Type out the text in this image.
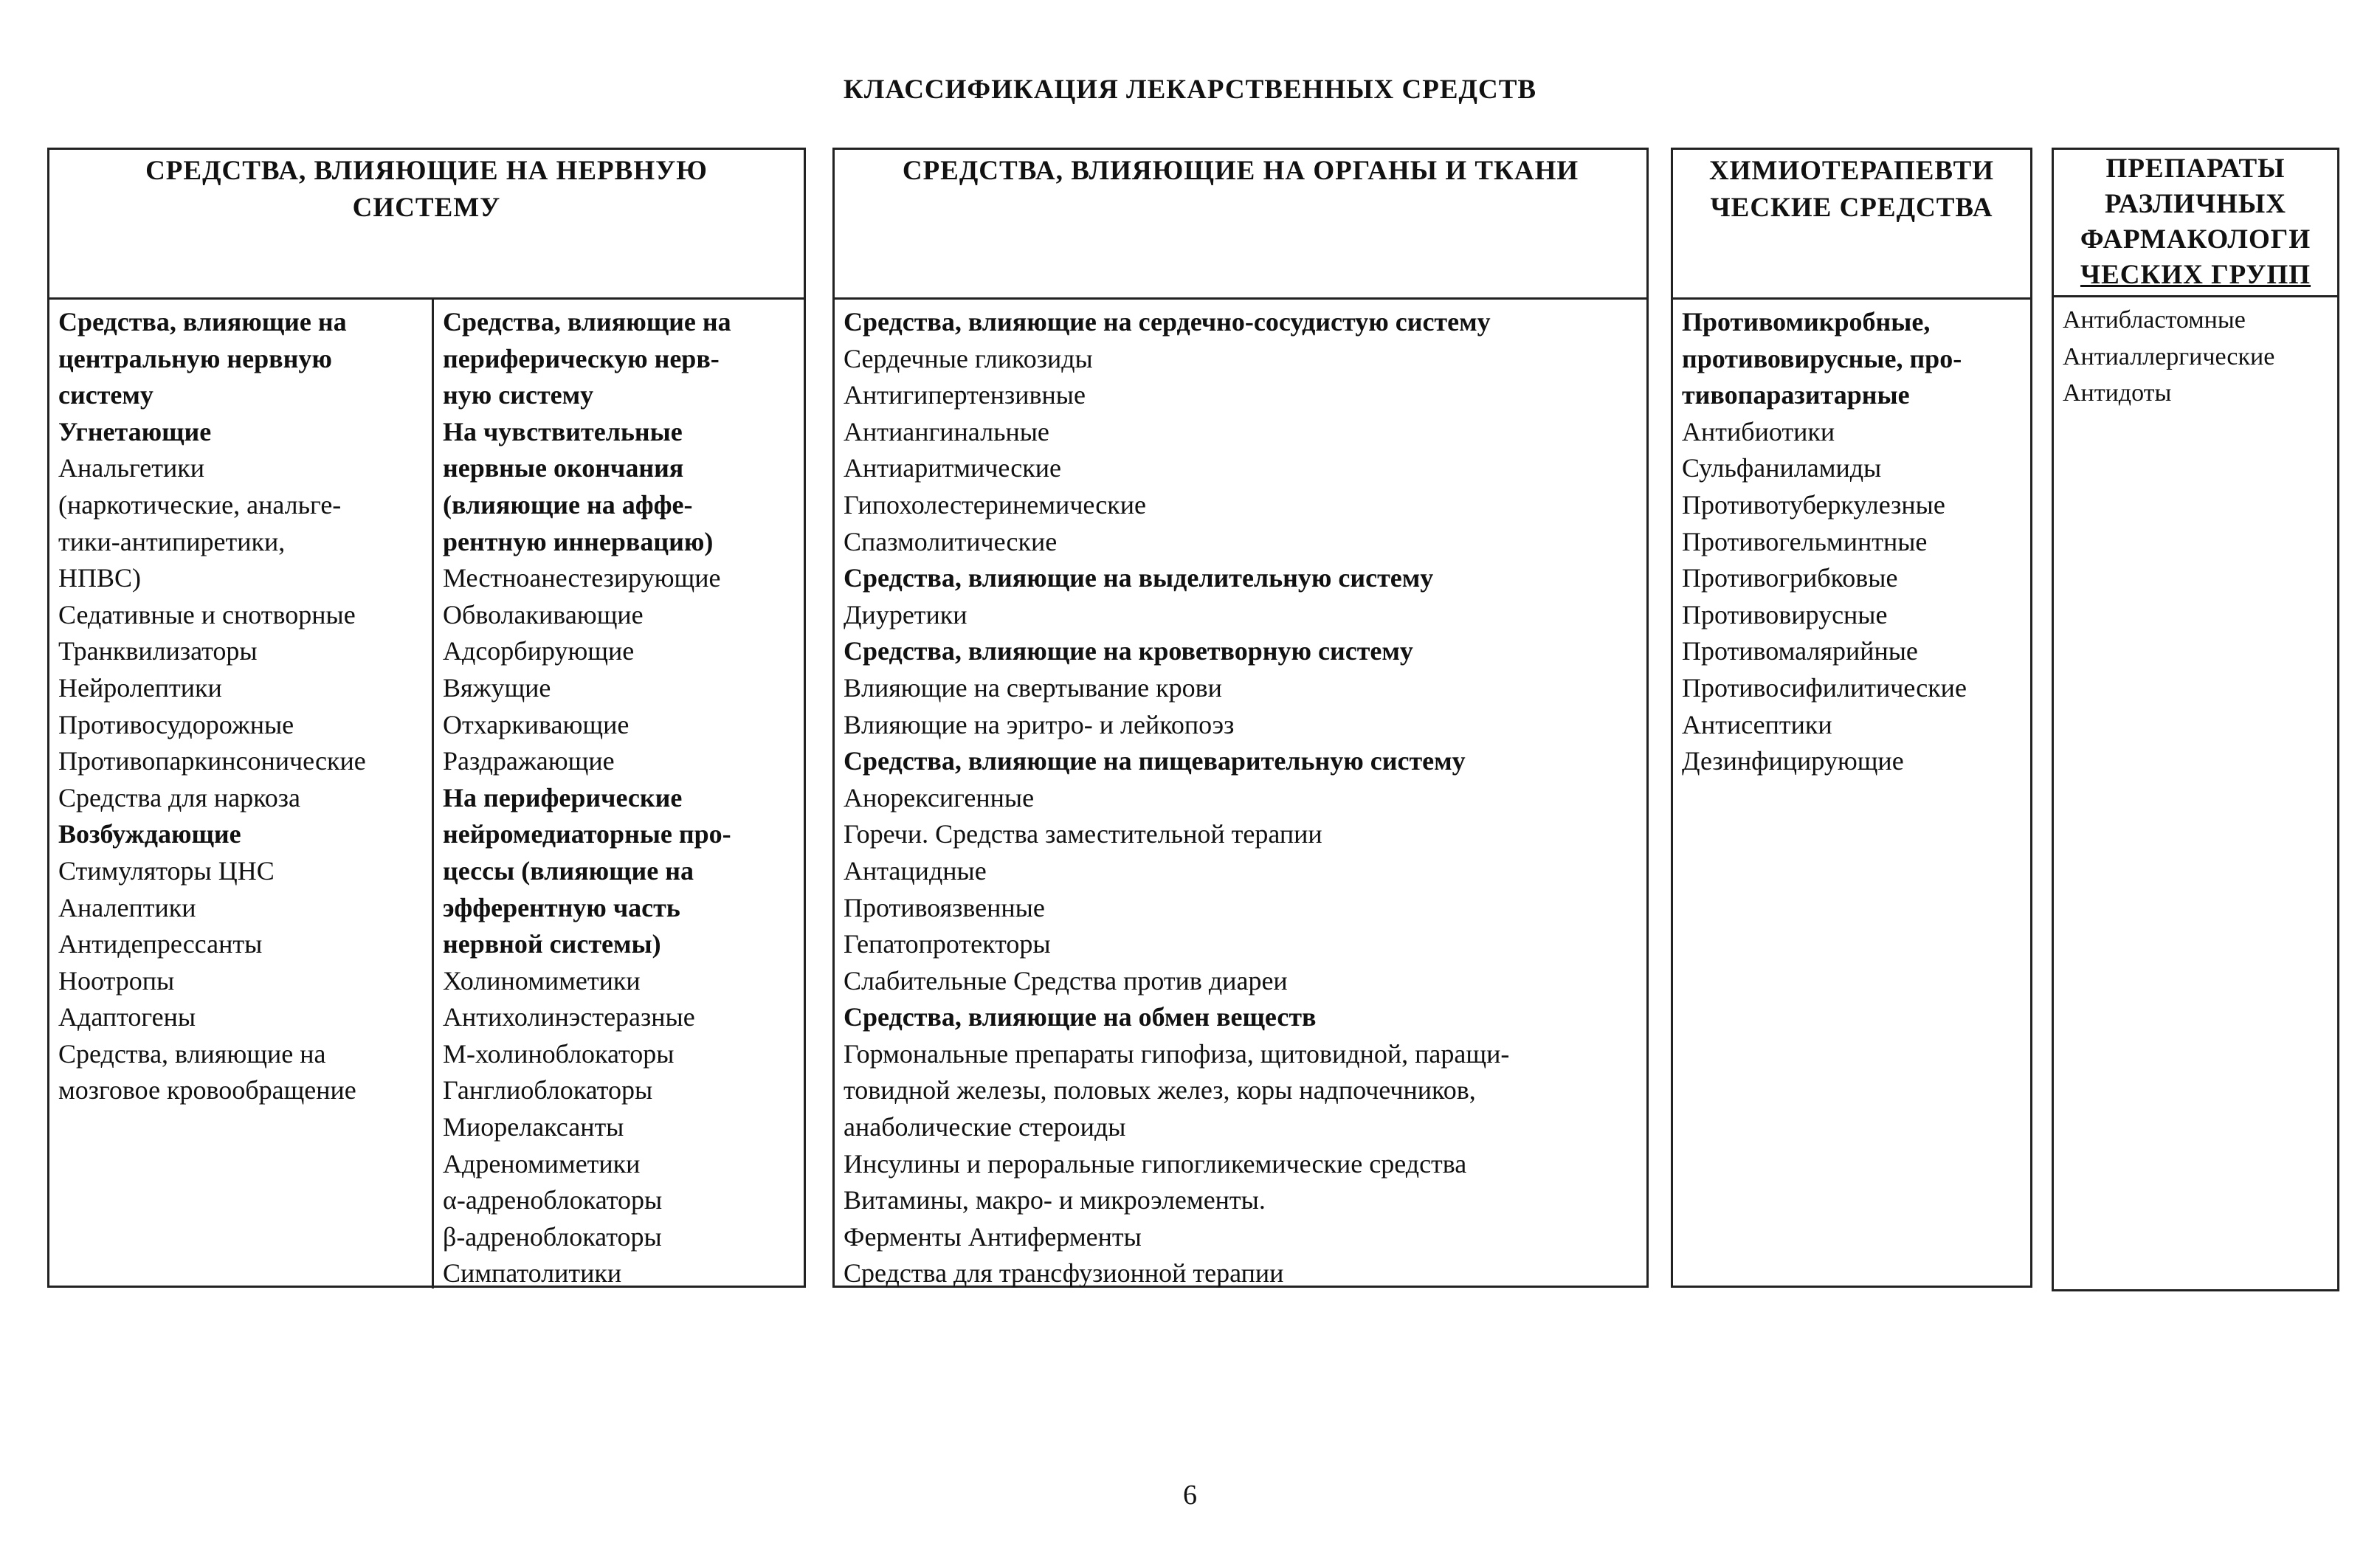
КЛАССИФИКАЦИЯ ЛЕКАРСТВЕННЫХ СРЕДСТВ
СРЕДСТВА, ВЛИЯЮЩИЕ НА НЕРВНУЮ
СИСТЕМУ
Средства, влияющие на
центральную нервную
систему
Угнетающие
Анальгетики
(наркотические, анальге-
тики-антипиретики,
НПВС)
Седативные и снотворные
Транквилизаторы
Нейролептики
Противосудорожные
Противопаркинсонические
Средства для наркоза
Возбуждающие
Стимуляторы ЦНС
Аналептики
Антидепрессанты
Ноотропы
Адаптогены
Средства, влияющие на
мозговое кровообращение
Средства, влияющие на
периферическую нерв-
ную систему
На чувствительные
нервные окончания
(влияющие на аффе-
рентную иннервацию)
Местноанестезирующие
Обволакивающие
Адсорбирующие
Вяжущие
Отхаркивающие
Раздражающие
На периферические
нейромедиаторные про-
цессы (влияющие на
эфферентную часть
нервной системы)
Холиномиметики
Антихолинэстеразные
М-холиноблокаторы
Ганглиоблокаторы
Миорелаксанты
Адреномиметики
α-адреноблокаторы
β-адреноблокаторы
Симпатолитики
СРЕДСТВА, ВЛИЯЮЩИЕ НА ОРГАНЫ И ТКАНИ
Средства, влияющие на сердечно-сосудистую систему
Сердечные гликозиды
Антигипертензивные
Антиангинальные
Антиаритмические
Гипохолестеринемические
Спазмолитические
Средства, влияющие на выделительную систему
Диуретики
Средства, влияющие на кроветворную систему
Влияющие на свертывание крови
Влияющие на эритро- и лейкопоэз
Средства, влияющие на пищеварительную систему
Анорексигенные
Горечи. Средства заместительной терапии
Антацидные
Противоязвенные
Гепатопротекторы
Слабительные Средства против диареи
Средства, влияющие на обмен веществ
Гормональные препараты гипофиза, щитовидной, паращи-
товидной железы, половых желез, коры надпочечников,
анаболические стероиды
Инсулины и пероральные гипогликемические средства
Витамины, макро- и микроэлементы.
Ферменты Антиферменты
Средства для трансфузионной терапии
ХИМИОТЕРАПЕВТИ
ЧЕСКИЕ СРЕДСТВА
Противомикробные,
противовирусные, про-
тивопаразитарные
Антибиотики
Сульфаниламиды
Противотуберкулезные
Противогельминтные
Противогрибковые
Противовирусные
Противомалярийные
Противосифилитические
Антисептики
Дезинфицирующие
ПРЕПАРАТЫ
РАЗЛИЧНЫХ
ФАРМАКОЛОГИ
ЧЕСКИХ ГРУПП
Антибластомные
Антиаллергические
Антидоты
6
